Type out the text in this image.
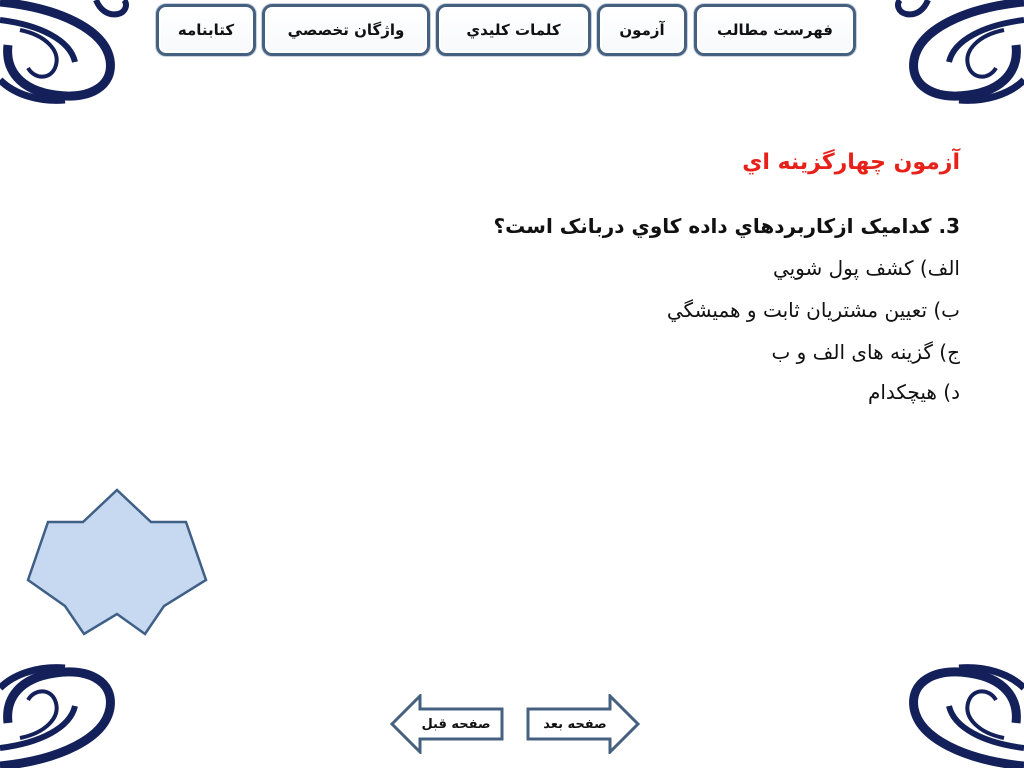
فهرست مطالب
آزمون
كلمات كليدي
واژگان تخصصي
کتابنامه
آزمون چهارگزينه اي
3. كداميک ازكاربردهاي داده كاوي دربانک است؟
الف) كشف پول شويي
ب) تعيين مشتريان ثابت و هميشگي
ج) گزينه های الف و ب
د) هيچكدام
صفحه قبل	صفحه بعد
